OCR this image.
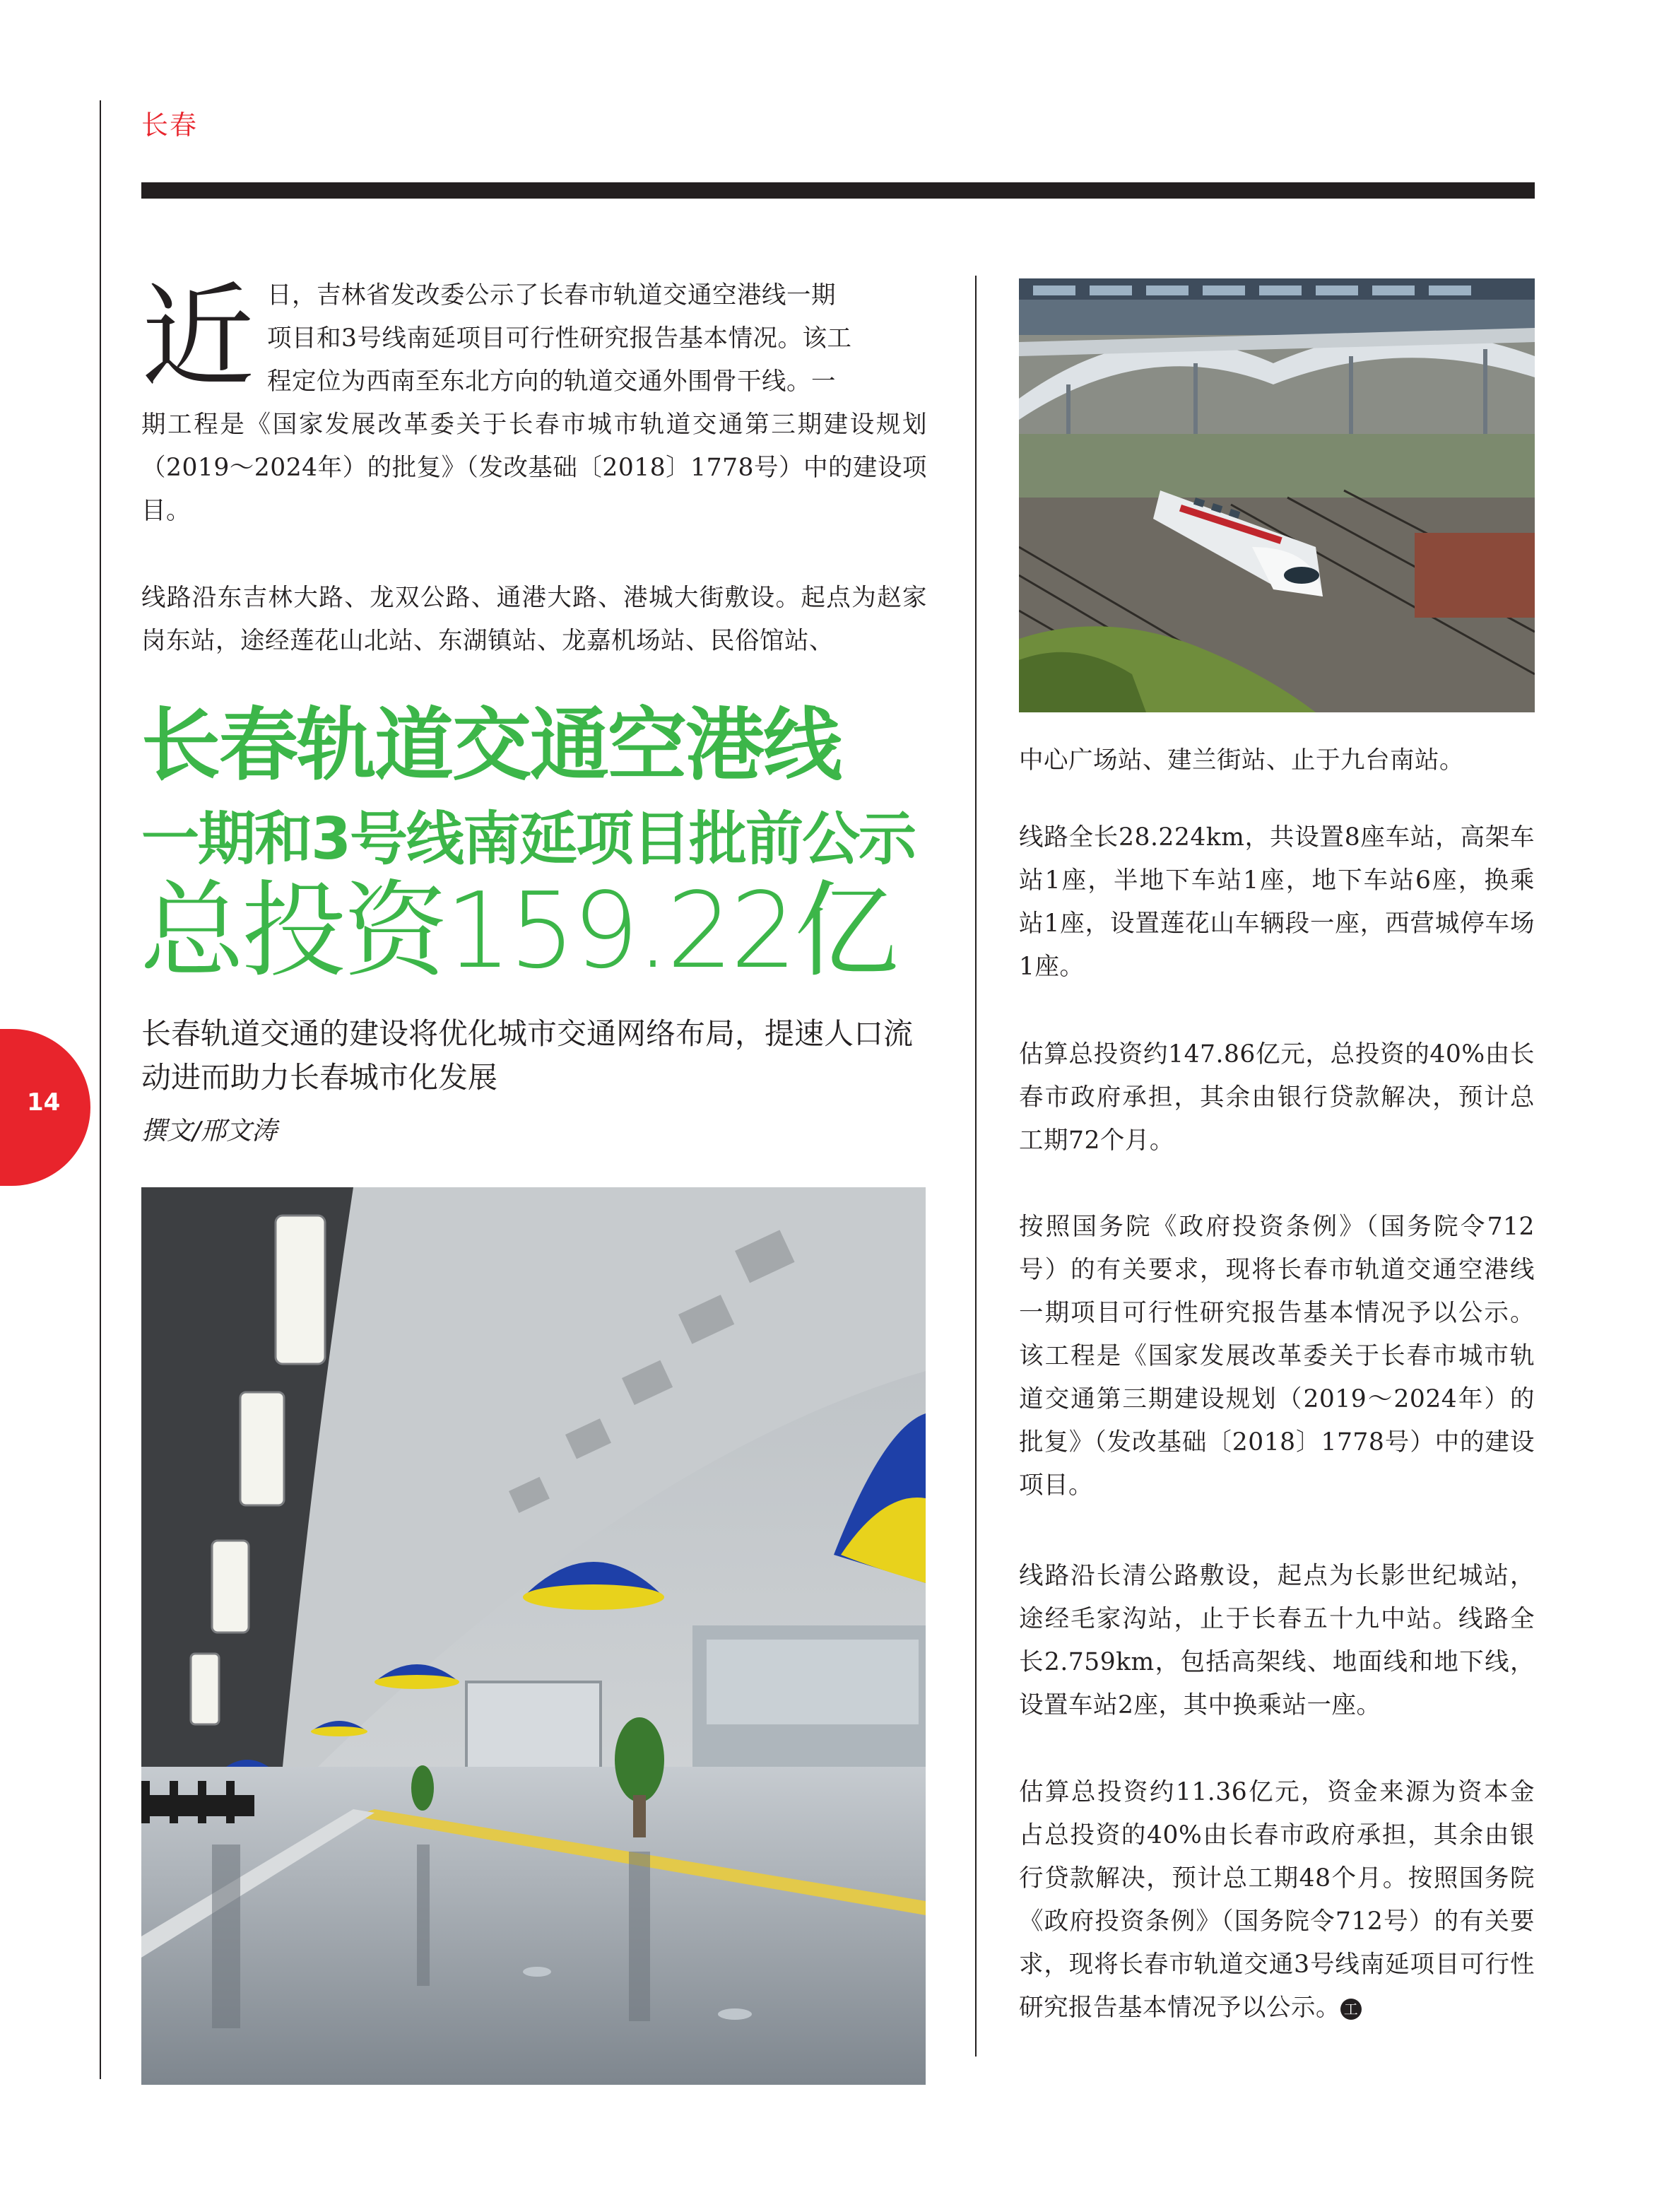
长春
14
近 日，吉林省发改委公示了长春市轨道交通空港线一期
项目和3号线南延项目可行性研究报告基本情况。该工
程定位为西南至东北方向的轨道交通外围骨干线。一
期工程是《国家发展改革委关于长春市城市轨道交通第三期建设规划（2019～2024年）的批复》（发改基础〔2018〕1778号）中的建设项目。
线路沿东吉林大路、龙双公路、通港大路、港城大街敷设。起点为赵家岗东站，途经莲花山北站、东湖镇站、龙嘉机场站、民俗馆站、
长春轨道交通空港线
一期和3号线南延项目批前公示
总投资159.22亿
长春轨道交通的建设将优化城市交通网络布局，提速人口流动进而助力长春城市化发展
撰文/邢文涛
中心广场站、建兰街站、止于九台南站。
线路全长28.224km，共设置8座车站，高架车站1座，半地下车站1座，地下车站6座，换乘站1座，设置莲花山车辆段一座，西营城停车场1座。
估算总投资约147.86亿元，总投资的40%由长春市政府承担，其余由银行贷款解决，预计总工期72个月。
按照国务院《政府投资条例》（国务院令712号）的有关要求，现将长春市轨道交通空港线一期项目可行性研究报告基本情况予以公示。该工程是《国家发展改革委关于长春市城市轨道交通第三期建设规划（2019～2024年）的批复》（发改基础〔2018〕1778号）中的建设项目。
线路沿长清公路敷设，起点为长影世纪城站，途经毛家沟站，止于长春五十九中站。线路全长2.759km，包括高架线、地面线和地下线，设置车站2座，其中换乘站一座。
估算总投资约11.36亿元，资金来源为资本金占总投资的40%由长春市政府承担，其余由银行贷款解决，预计总工期48个月。按照国务院《政府投资条例》（国务院令712号）的有关要求，现将长春市轨道交通3号线南延项目可行性研究报告基本情况予以公示。 工
